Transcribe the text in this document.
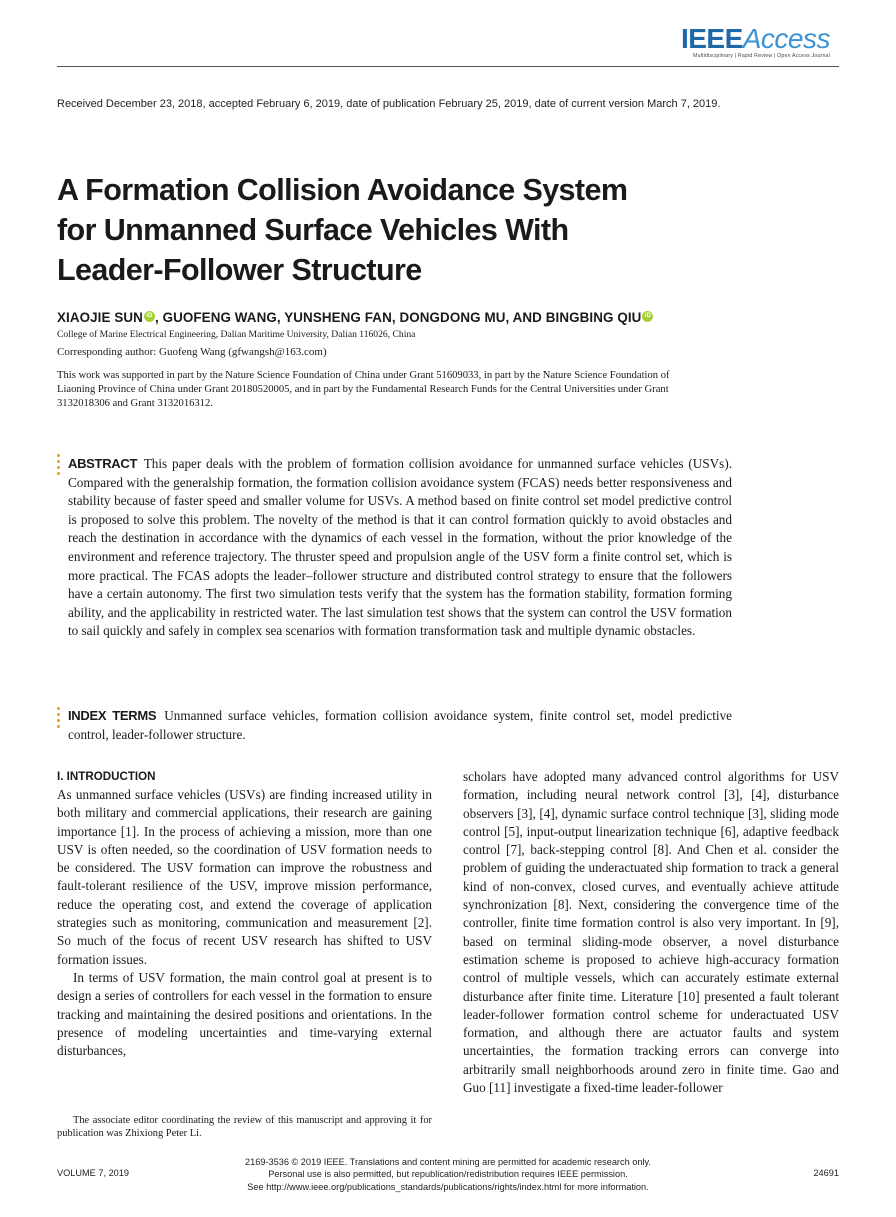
IEEEAccess
Multidisciplinary | Rapid Review | Open Access Journal
Received December 23, 2018, accepted February 6, 2019, date of publication February 25, 2019, date of current version March 7, 2019.
A Formation Collision Avoidance System
for Unmanned Surface Vehicles With
Leader-Follower Structure
XIAOJIE SUN iD , GUOFENG WANG, YUNSHENG FAN, DONGDONG MU, AND BINGBING QIU iD
College of Marine Electrical Engineering, Dalian Maritime University, Dalian 116026, China
Corresponding author: Guofeng Wang (gfwangsh@163.com)
This work was supported in part by the Nature Science Foundation of China under Grant 51609033, in part by the Nature Science Foundation of Liaoning Province of China under Grant 20180520005, and in part by the Fundamental Research Funds for the Central Universities under Grant 3132018306 and Grant 3132016312.
ABSTRACT This paper deals with the problem of formation collision avoidance for unmanned surface vehicles (USVs). Compared with the generalship formation, the formation collision avoidance system (FCAS) needs better responsiveness and stability because of faster speed and smaller volume for USVs. A method based on finite control set model predictive control is proposed to solve this problem. The novelty of the method is that it can control formation quickly to avoid obstacles and reach the destination in accordance with the dynamics of each vessel in the formation, without the prior knowledge of the environment and reference trajectory. The thruster speed and propulsion angle of the USV form a finite control set, which is more practical. The FCAS adopts the leader–follower structure and distributed control strategy to ensure that the followers have a certain autonomy. The first two simulation tests verify that the system has the formation stability, formation forming ability, and the applicability in restricted water. The last simulation test shows that the system can control the USV formation to sail quickly and safely in complex sea scenarios with formation transformation task and multiple dynamic obstacles.
INDEX TERMS Unmanned surface vehicles, formation collision avoidance system, finite control set, model predictive control, leader-follower structure.
I. INTRODUCTION

As unmanned surface vehicles (USVs) are finding increased utility in both military and commercial applications, their research are gaining importance [1]. In the process of achieving a mission, more than one USV is often needed, so the coordination of USV formation needs to be considered. The USV formation can improve the robustness and fault-tolerant resilience of the USV, improve mission performance, reduce the operating cost, and extend the coverage of application strategies such as monitoring, communication and measurement [2]. So much of the focus of recent USV research has shifted to USV formation issues.

In terms of USV formation, the main control goal at present is to design a series of controllers for each vessel in the formation to ensure tracking and maintaining the desired positions and orientations. In the presence of modeling uncertainties and time-varying external disturbances,

scholars have adopted many advanced control algorithms for USV formation, including neural network control [3], [4], disturbance observers [3], [4], dynamic surface control technique [3], sliding mode control [5], input-output linearization technique [6], adaptive feedback control [7], back-stepping control [8]. And Chen et al. consider the problem of guiding the underactuated ship formation to track a general kind of non-convex, closed curves, and eventually achieve attitude synchronization [8]. Next, considering the convergence time of the controller, finite time formation control is also very important. In [9], based on terminal sliding-mode observer, a novel disturbance estimation scheme is proposed to achieve high-accuracy formation control of multiple vessels, which can accurately estimate external disturbance after finite time. Literature [10] presented a fault tolerant leader-follower formation control scheme for underactuated USV formation, and although there are actuator faults and system uncertainties, the formation tracking errors can converge into arbitrarily small neighborhoods around zero in finite time. Gao and Guo [11] investigate a fixed-time leader-follower

The associate editor coordinating the review of this manuscript and approving it for publication was Zhixiong Peter Li.
2169-3536 © 2019 IEEE. Translations and content mining are permitted for academic research only.
Personal use is also permitted, but republication/redistribution requires IEEE permission.
See http://www.ieee.org/publications_standards/publications/rights/index.html for more information.
VOLUME 7, 2019	24691
